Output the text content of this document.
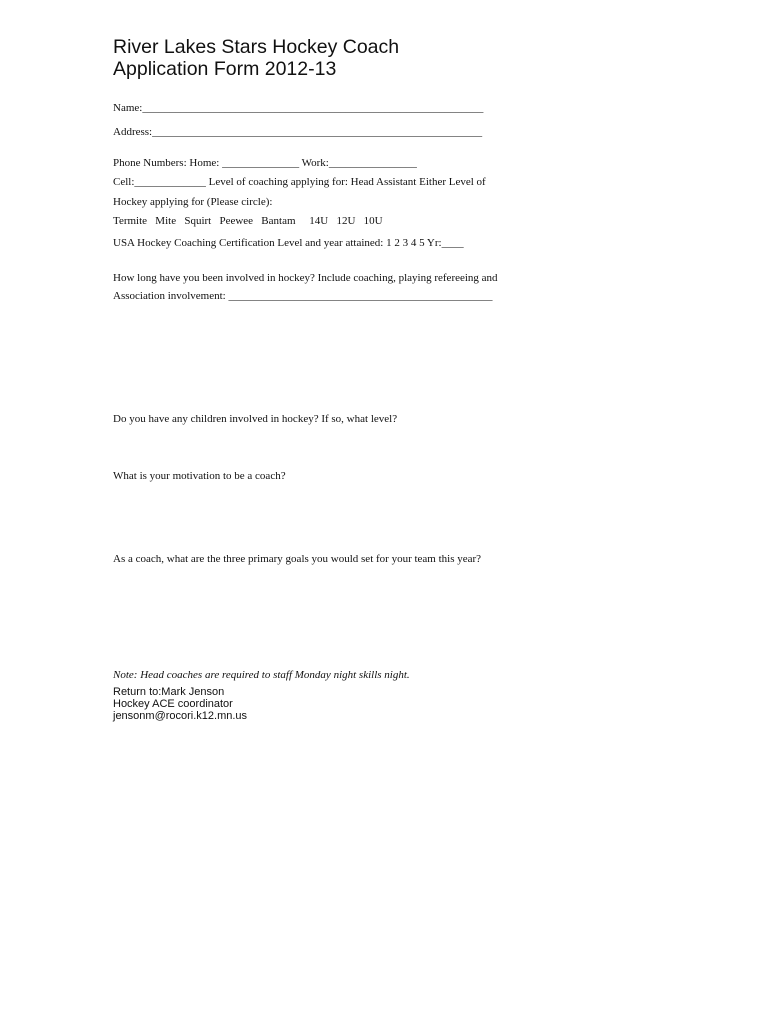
River Lakes Stars Hockey Coach
Application Form 2012-13
Name:______________________________________________________________
Address:____________________________________________________________
Phone Numbers: Home: ______________ Work:________________
Cell:_____________ Level of coaching applying for: Head Assistant Either Level of
Hockey applying for (Please circle):
Termite   Mite   Squirt   Peewee   Bantam     14U   12U   10U
USA Hockey Coaching Certification Level and year attained: 1 2 3 4 5 Yr:____
How long have you been involved in hockey? Include coaching, playing refereeing and
Association involvement: ________________________________________________
Do you have any children involved in hockey? If so, what level?
What is your motivation to be a coach?
As a coach, what are the three primary goals you would set for your team this year?
Note: Head coaches are required to staff Monday night skills night.
Return to:Mark Jenson
Hockey ACE coordinator
jensonm@rocori.k12.mn.us
